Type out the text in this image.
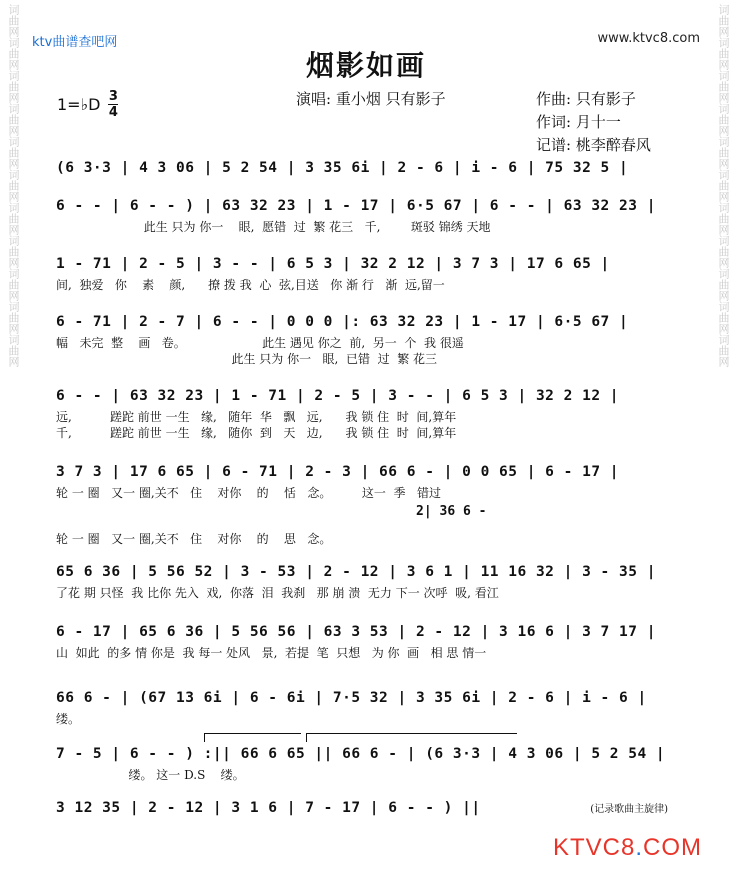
词曲网词曲网词曲网词曲网词曲网词曲网词曲网词曲网词曲网词曲网词曲网	词曲网词曲网词曲网词曲网词曲网词曲网词曲网词曲网词曲网词曲网词曲网
ktv曲谱查吧网	www.ktvc8.com
烟影如画
1=♭D $\frac{3}{4}$	演唱: 重小烟 只有影子	作曲: 只有影子
作词: 月十一
记谱: 桃李醉春风
(6 3·3 | 4 3 06 | 5 2 54 | 3 35 6i | 2 - 6 | i - 6 | 75 32 5 |
6 - - | 6 - - ) | 63 32 23 | 1 - 17 | 6·5 67 | 6 - - | 63 32 23 |
此生 只为 你一    眼,  愿错  过  繁 花三   千,        斑驳 锦绣 天地
1 - 71 | 2 - 5 | 3 - - | 6 5 3 | 32 2 12 | 3 7 3 | 17 6 65 |
间,  独爱   你    素    颜,      撩 拨 我  心  弦,目送   你 渐 行   渐  远,留一
6 - 71 | 2 - 7 | 6 - - | 0 0 0 |: 63 32 23 | 1 - 17 | 6·5 67 |
幅   未完  整    画   卷。                    此生 遇见 你之  前,  另一  个  我 很遥
此生 只为 你一   眼,  已错  过  繁 花三
6 - - | 63 32 23 | 1 - 71 | 2 - 5 | 3 - - | 6 5 3 | 32 2 12 |
远,          蹉跎 前世 一生   缘,   随年  华   飘   远,      我 锁 住  时  间,算年
千,          蹉跎 前世 一生   缘,   随你  到   天   边,      我 锁 住  时  间,算年
3 7 3 | 17 6 65 | 6 - 71 | 2 - 3 | 66 6 - | 0 0 65 | 6 - 17 |
轮 一 圈   又一 圈,关不   住    对你    的    恬   念。        这一  季   错过
2| 36 6 -
轮 一 圈   又一 圈,关不   住    对你    的    思   念。
65 6 36 | 5 56 52 | 3 - 53 | 2 - 12 | 3 6 1 | 11 16 32 | 3 - 35 |
了花 期 只怪  我 比你 先入  戏,  你落  泪  我刹   那 崩 溃  无力 下一 次呼  吸, 看江
6 - 17 | 65 6 36 | 5 56 56 | 63 3 53 | 2 - 12 | 3 16 6 | 3 7 17 |
山  如此  的多 情 你是  我 每一 处风   景,  若提  笔  只想   为 你  画   相 思 情一
66 6 - | (67 13 6i | 6 - 6i | 7·5 32 | 3 35 6i | 2 - 6 | i - 6 |
缕。
7 - 5 | 6 - - ) :|| 66 6 65 || 66 6 - | (6 3·3 | 4 3 06 | 5 2 54 |
缕。 这一 D.S    缕。
3 12 35 | 2 - 12 | 3 1 6 | 7 - 17 | 6 - - ) ||	(记录歌曲主旋律)
KTVC8.COM
